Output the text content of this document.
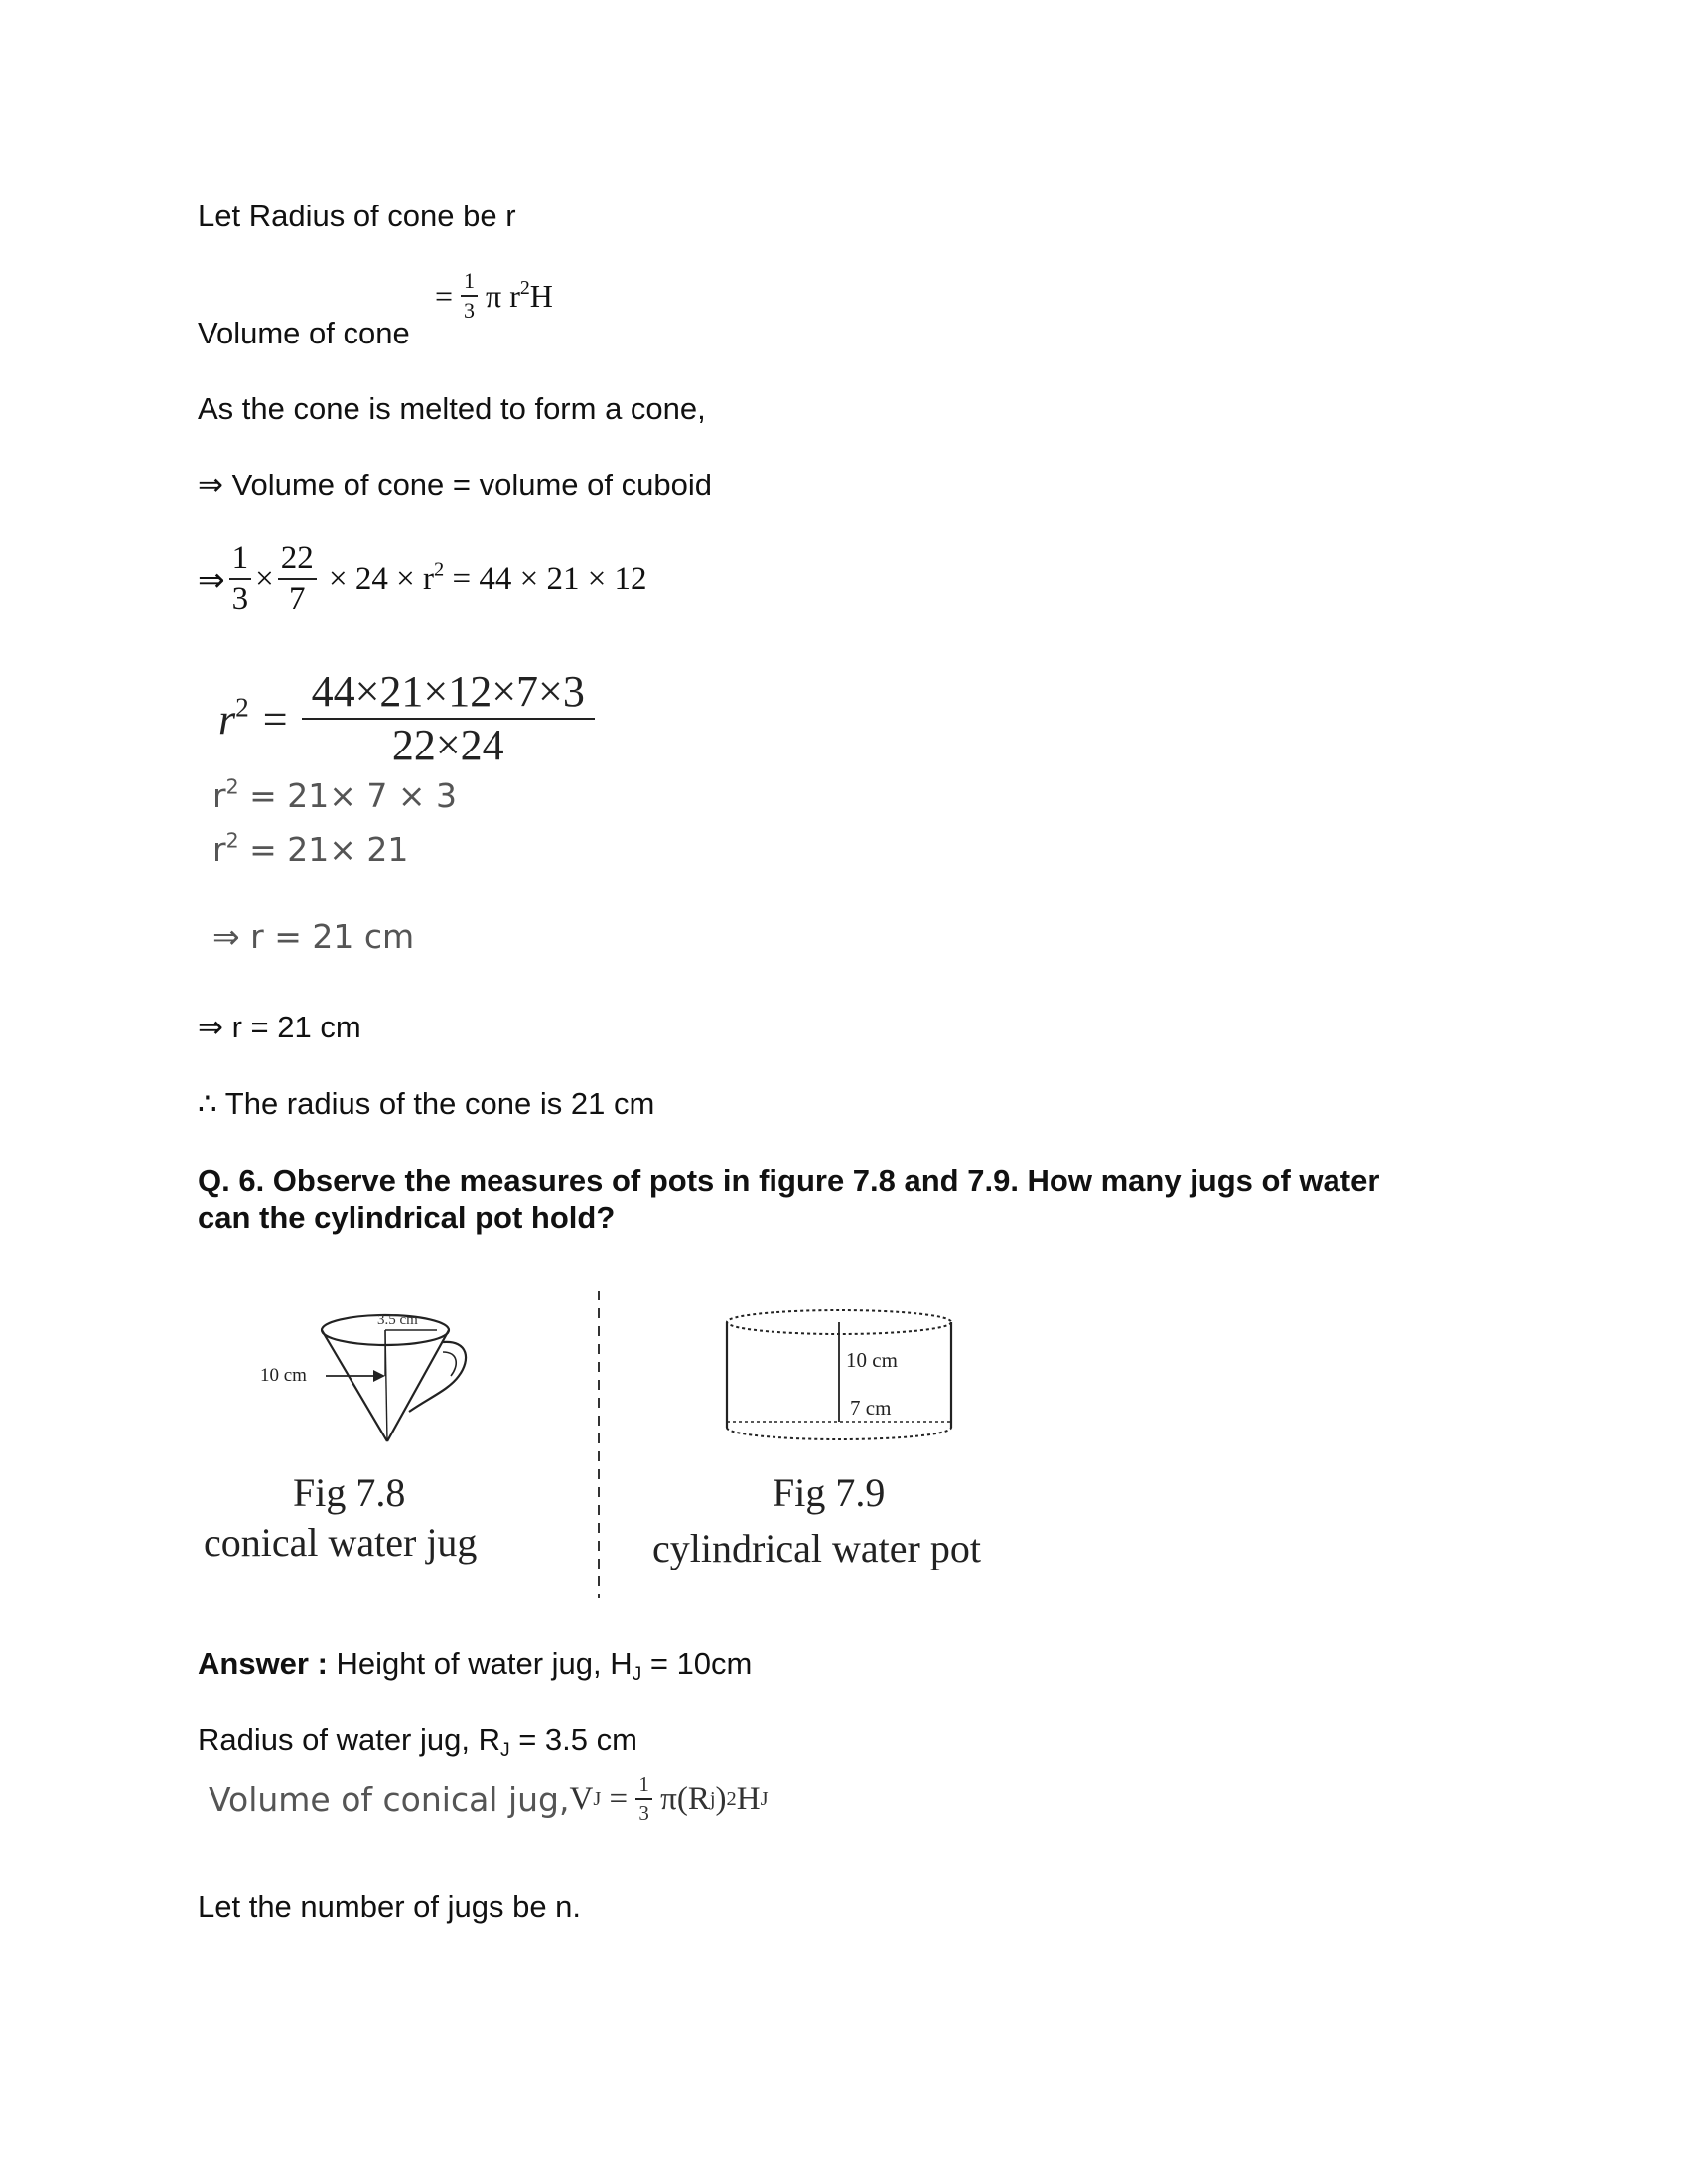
Let Radius of cone be r
Volume of cone
= $\frac{1}{3}$ π $r^2H$
As the cone is melted to form a cone,
⇒ Volume of cone = volume of cuboid
⇒ $\frac{1}{3} \times \frac{22}{7} \times 24 \times r^2 = 44 \times 21 \times 12$
$r^2 = \frac{44\times 21\times 12\times 7\times 3}{22\times 24}$
$r^2 = 21\times 7 \times 3$
$r^2 = 21\times 21$
⇒ r = 21 cm
⇒ r = 21 cm
∴ The radius of the cone is 21 cm
Q. 6. Observe the measures of pots in figure 7.8 and 7.9. How many jugs of water
can the cylindrical pot hold?
3.5 cm
10 cm
10 cm
7 cm
Fig 7.8
conical water jug
Fig 7.9
cylindrical water pot
Answer : Height of water jug, $H_J = 10cm$
Radius of water jug, $R_J = 3.5$ cm
Volume of conical jug, V $J = \frac{1}{3} \pi(R$ j ) 2 H J
Let the number of jugs be n.
